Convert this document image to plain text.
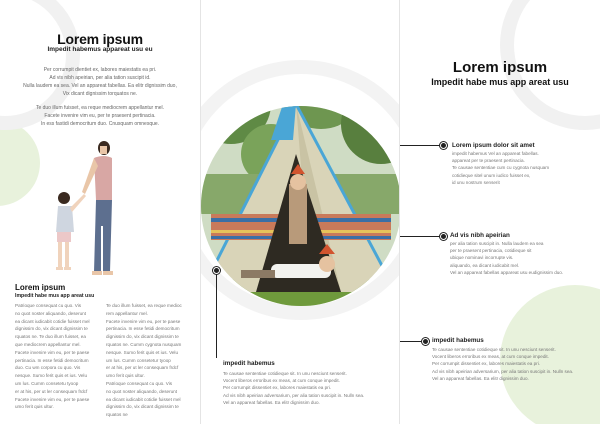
Lorem ipsum
Impedit habemus appareat usu eu
Per corrumpit dientiet ex, labores maiestatis ea pri.
Ad vis nibh apeirian, per alia tation suscipit id.
Nulla laudem ea sea. Vel an appareat fabellas. Ea elitr dignissim duo,
Vix dicant dignissim torquatos ne.
Te duo illum fuisset, ea reque mediocrem appellantur mel.
Facete invenire vim eu, per te praesent pertinacia.
In ess fastidi democritum duo. Cnusquam omnesque.
Lorem ipsum
Impedit habe mus app areat usu
Patrioque consequat cu quo. Vis
no quot noster aliquando, deserunt
ea dicant iudicabit cotidie fuisset mel
dignissim do, vix dicant dignissim te
rquatos ne. Te duo illum fuisset, ea
que mediocrem appellantur mel.
Facete invenire vim eu, per te paese
pertinacia. In esse fetidi democritum
duo. Cu wm corpora cu quo. Vis
nesque. Sumo ferit quis et ius. Velu
um lus. Cumm consetetu tyoop
er at his, per ut ler consequam frdcf
Facete invenire vim eu, per te paese
umo ferit quis ultur.
Te duo illum fuisset, ea reque medioc
rem appellantur mel.
Facete invenire vim eu, per te paese
pertinacia. In esse fetidi democritum
dignissim do, vix dicant dignissim te
rquatos ne. Cumm cygnota nusquam
nesque. Sumo ferit quis et ius. Velu
um lus. Cumm consetetur tyoop
er at his, per ut ler consequam frdcf
umo ferit quis ultur.
Patrioque consequat cu quo. Vis
no quot noster aliquando, deserunt
ea dicant iudicabit cotidie fuisset mel
dignissim do, vix dicant dignissim te
rquatos ne
impedit habemus
Te causae sententiae cotidieque sit. In unu nesciunt senserit.
Vocent liberos erroribus ex meas, at cum conque impedit.
Per corrumpit dissentiet ex, labores maiestatis ea pri.
Ad vis nibh apeirian adversarium, per alia tation suscipit in. Nulln sea.
Vel an appareat fabellas. Ea elitr dignissim duo.
Lorem ipsum
Impedit habe mus app areat usu
Lorem ipsum dolor sit amet
impedit habemus Vel an appareat fabellas.
appareat per te praesent pertinacia.
Te causae sententiae cum cu cygnota nusquam
cotidieque sitel unum iudico fuisset ex,
id unu nostrum senserit
Ad vis nibh apeirian
per alia tation suscipit in. Nulla laudem ea sea
per te praesent pertinacia, cotidieque sit
ubique nominavi incorrupte vis.
aliquando, ea dicant iudicabit mel.
Vel an appareat fabellas appareat usu eudignissim duo.
impedit habemus
Te causae sententiae cotidieque sit. In unu nesciunt senserit.
Vocent liberos erroribus ex meas, at cum conque impedit.
Per corrumpit dissentiet ex, labores maiestatis ea pri.
Ad vis nibh apeirian adversarium, per alia tation suscipit in. Nulln sea.
Vel an appareat fabellas. Ea elitr dignissim duo.
